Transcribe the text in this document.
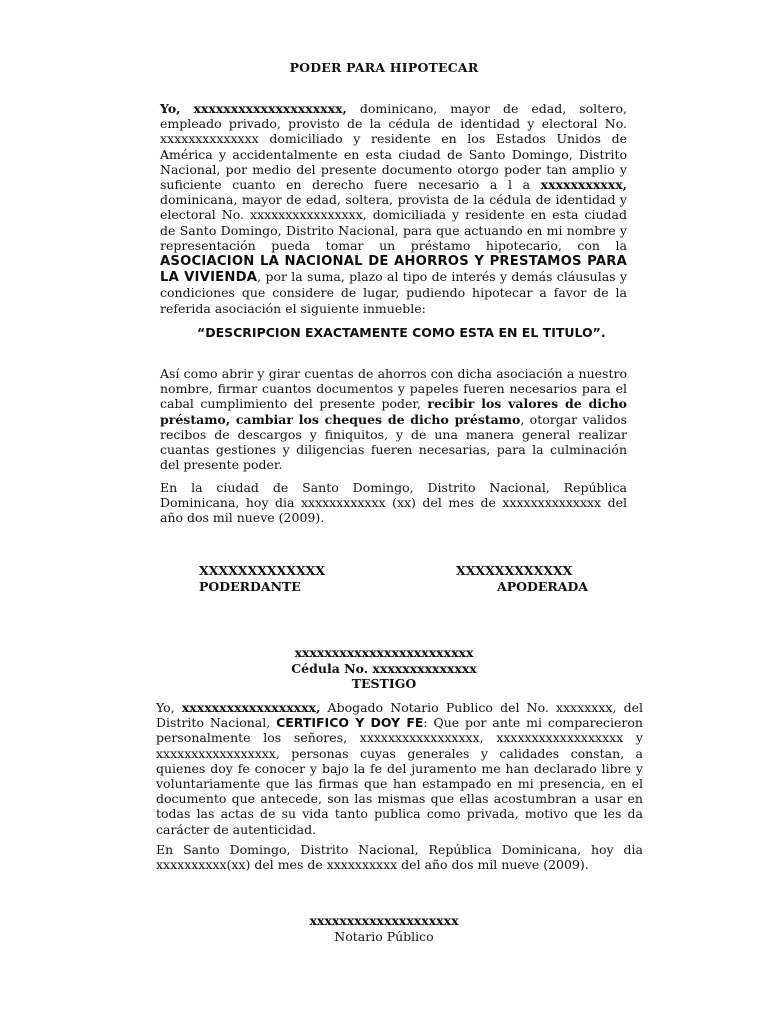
PODER PARA HIPOTECAR

Yo, xxxxxxxxxxxxxxxxxxxx, dominicano, mayor de edad, soltero, empleado privado, provisto de la cédula de identidad y electoral No. xxxxxxxxxxxxxx domiciliado y residente en los Estados Unidos de América y accidentalmente en esta ciudad de Santo Domingo, Distrito Nacional, por medio del presente documento otorgo poder tan amplio y suficiente cuanto en derecho fuere necesario a l a xxxxxxxxxxx, dominicana, mayor de edad, soltera, provista de la cédula de identidad y electoral No. xxxxxxxxxxxxxxxx, domiciliada y residente en esta ciudad de Santo Domingo, Distrito Nacional, para que actuando en mi nombre y representación pueda tomar un préstamo hipotecario, con la ASOCIACION LA NACIONAL DE AHORROS Y PRESTAMOS PARA LA VIVIENDA, por la suma, plazo al tipo de interés y demás cláusulas y condiciones que considere de lugar, pudiendo hipotecar a favor de la referida asociación el siguiente inmueble:

“DESCRIPCION EXACTAMENTE COMO ESTA EN EL TITULO”.

Así como abrir y girar cuentas de ahorros con dicha asociación a nuestro nombre, firmar cuantos documentos y papeles fueren necesarios para el cabal cumplimiento del presente poder, recibir los valores de dicho préstamo, cambiar los cheques de dicho préstamo, otorgar validos recibos de descargos y finiquitos, y de una manera general realizar cuantas gestiones y diligencias fueren necesarias, para la culminación del presente poder.

En la ciudad de Santo Domingo, Distrito Nacional, República Dominicana, hoy dia xxxxxxxxxxxx (xx) del mes de xxxxxxxxxxxxxx del año dos mil nueve (2009).
XXXXXXXXXXXXX
PODERDANTE
XXXXXXXXXXXX
APODERADA
xxxxxxxxxxxxxxxxxxxxxxxx
Cédula No. xxxxxxxxxxxxxx
TESTIGO

Yo, xxxxxxxxxxxxxxxxxx, Abogado Notario Publico del No. xxxxxxxx, del Distrito Nacional, CERTIFICO Y DOY FE: Que por ante mi comparecieron personalmente los señores, xxxxxxxxxxxxxxxxx, xxxxxxxxxxxxxxxxxx y xxxxxxxxxxxxxxxxx, personas cuyas generales y calidades constan, a quienes doy fe conocer y bajo la fe del juramento me han declarado libre y voluntariamente que las firmas que han estampado en mi presencia, en el documento que antecede, son las mismas que ellas acostumbran a usar en todas las actas de su vida tanto publica como privada, motivo que les da carácter de autenticidad.

En Santo Domingo, Distrito Nacional, República Dominicana, hoy dia xxxxxxxxxx(xx) del mes de xxxxxxxxxx del año dos mil nueve (2009).
xxxxxxxxxxxxxxxxxxxx
Notario Público
